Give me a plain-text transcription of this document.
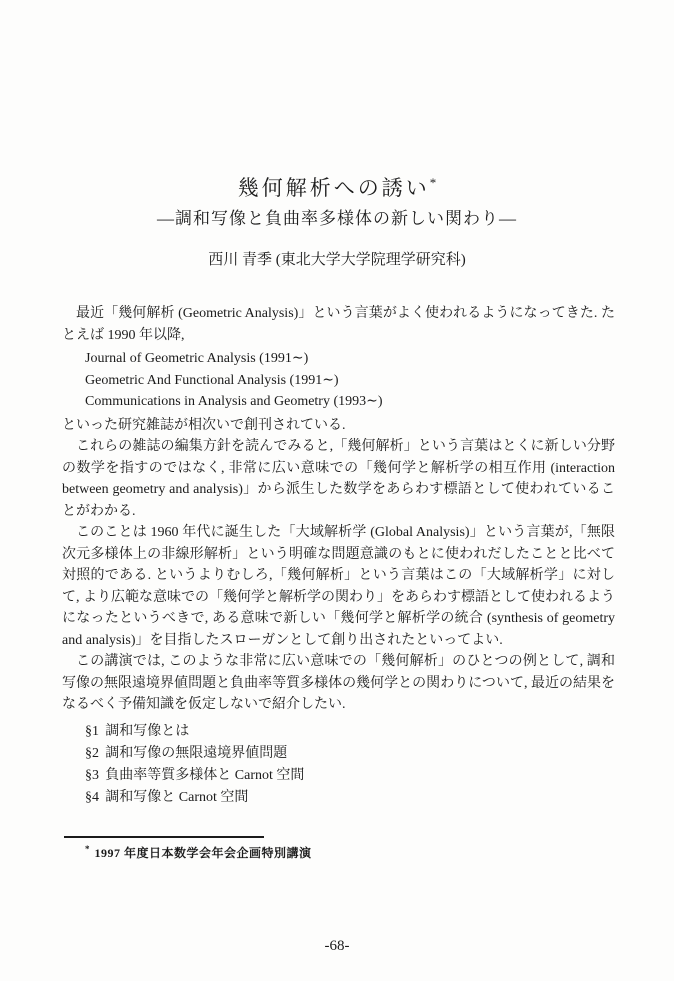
幾何解析への誘い*
—調和写像と負曲率多様体の新しい関わり—
西川 青季 (東北大学大学院理学研究科)

最近「幾何解析 (Geometric Analysis)」という言葉がよく使われるようになってきた. たとえば 1990 年以降,

Journal of Geometric Analysis (1991∼)
Geometric And Functional Analysis (1991∼)
Communications in Analysis and Geometry (1993∼)

といった研究雑誌が相次いで創刊されている.

これらの雑誌の編集方針を読んでみると,「幾何解析」という言葉はとくに新しい分野の数学を指すのではなく, 非常に広い意味での「幾何学と解析学の相互作用 (interaction between geometry and analysis)」から派生した数学をあらわす標語として使われていることがわかる.

このことは 1960 年代に誕生した「大域解析学 (Global Analysis)」という言葉が,「無限次元多様体上の非線形解析」という明確な問題意識のもとに使われだしたことと比べて対照的である. というよりむしろ,「幾何解析」という言葉はこの「大域解析学」に対して, より広範な意味での「幾何学と解析学の関わり」をあらわす標語として使われるようになったというべきで, ある意味で新しい「幾何学と解析学の統合 (synthesis of geometry and analysis)」を目指したスローガンとして創り出されたといってよい.

この講演では, このような非常に広い意味での「幾何解析」のひとつの例として, 調和写像の無限遠境界値問題と負曲率等質多様体の幾何学との関わりについて, 最近の結果をなるべく予備知識を仮定しないで紹介したい.

§1 調和写像とは
§2 調和写像の無限遠境界値問題
§3 負曲率等質多様体と Carnot 空間
§4 調和写像と Carnot 空間
* 1997 年度日本数学会年会企画特別講演
-68-
